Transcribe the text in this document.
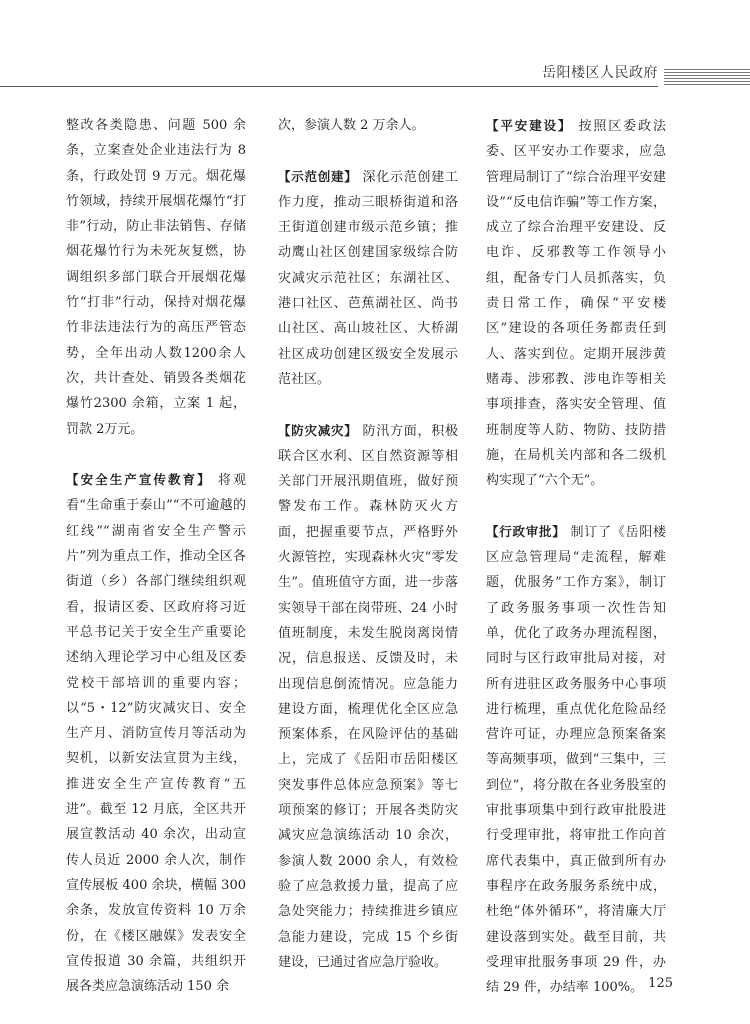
岳阳楼区人民政府

整改各类隐患、问题 500 余条，立案查处企业违法行为 8 条，行政处罚 9 万元。烟花爆竹领域，持续开展烟花爆竹“打非”行动，防止非法销售、存储烟花爆竹行为未死灰复燃，协调组织多部门联合开展烟花爆竹“打非”行动，保持对烟花爆竹非法违法行为的高压严管态势，全年出动人数1200余人次，共计查处、销毁各类烟花爆竹2300 余箱，立案 1 起，罚款 2万元。

【安全生产宣传教育】 将观看“生命重于泰山”“不可逾越的红线”“湖南省安全生产警示片”列为重点工作，推动全区各街道（乡）各部门继续组织观看，报请区委、区政府将习近平总书记关于安全生产重要论述纳入理论学习中心组及区委党校干部培训的重要内容；以“5・12”防灾减灾日、安全生产月、消防宣传月等活动为契机，以新安法宣贯为主线，推进安全生产宣传教育“五进”。截至 12 月底，全区共开展宣教活动 40 余次，出动宣传人员近 2000 余人次，制作宣传展板 400 余块，横幅 300 余条，发放宣传资料 10 万余份，在《楼区融媒》发表安全宣传报道 30 余篇，共组织开展各类应急演练活动 150 余

次，参演人数 2 万余人。

【示范创建】 深化示范创建工作力度，推动三眼桥街道和洛王街道创建市级示范乡镇；推动鹰山社区创建国家级综合防灾减灾示范社区；东湖社区、港口社区、芭蕉湖社区、尚书山社区、高山坡社区、大桥湖社区成功创建区级安全发展示范社区。

【防灾减灾】 防汛方面，积极联合区水利、区自然资源等相关部门开展汛期值班，做好预警发布工作。森林防灭火方面，把握重要节点，严格野外火源管控，实现森林火灾“零发生”。值班值守方面，进一步落实领导干部在岗带班、24 小时值班制度，未发生脱岗离岗情况，信息报送、反馈及时，未出现信息倒流情况。应急能力建设方面，梳理优化全区应急预案体系，在风险评估的基础上，完成了《岳阳市岳阳楼区突发事件总体应急预案》等七项预案的修订；开展各类防灾减灾应急演练活动 10 余次，参演人数 2000 余人，有效检验了应急救援力量，提高了应急处突能力；持续推进乡镇应急能力建设，完成 15 个乡街建设，已通过省应急厅验收。

【平安建设】 按照区委政法委、区平安办工作要求，应急管理局制订了“综合治理平安建设”“反电信诈骗”等工作方案，成立了综合治理平安建设、反电诈、反邪教等工作领导小组，配备专门人员抓落实，负责日常工作，确保“平安楼区”建设的各项任务都责任到人、落实到位。定期开展涉黄赌毒、涉邪教、涉电诈等相关事项排查，落实安全管理、值班制度等人防、物防、技防措施，在局机关内部和各二级机构实现了“六个无”。

【行政审批】 制订了《岳阳楼区应急管理局“走流程，解难题，优服务”工作方案》，制订了政务服务事项一次性告知单，优化了政务办理流程图，同时与区行政审批局对接，对所有进驻区政务服务中心事项进行梳理，重点优化危险品经营许可证，办理应急预案备案等高频事项，做到“三集中，三到位”，将分散在各业务股室的审批事项集中到行政审批股进行受理审批，将审批工作向首席代表集中，真正做到所有办事程序在政务服务系统中成，杜绝“体外循环”，将清廉大厅建设落到实处。截至目前，共受理审批服务事项 29 件，办结 29 件，办结率 100%。 125
